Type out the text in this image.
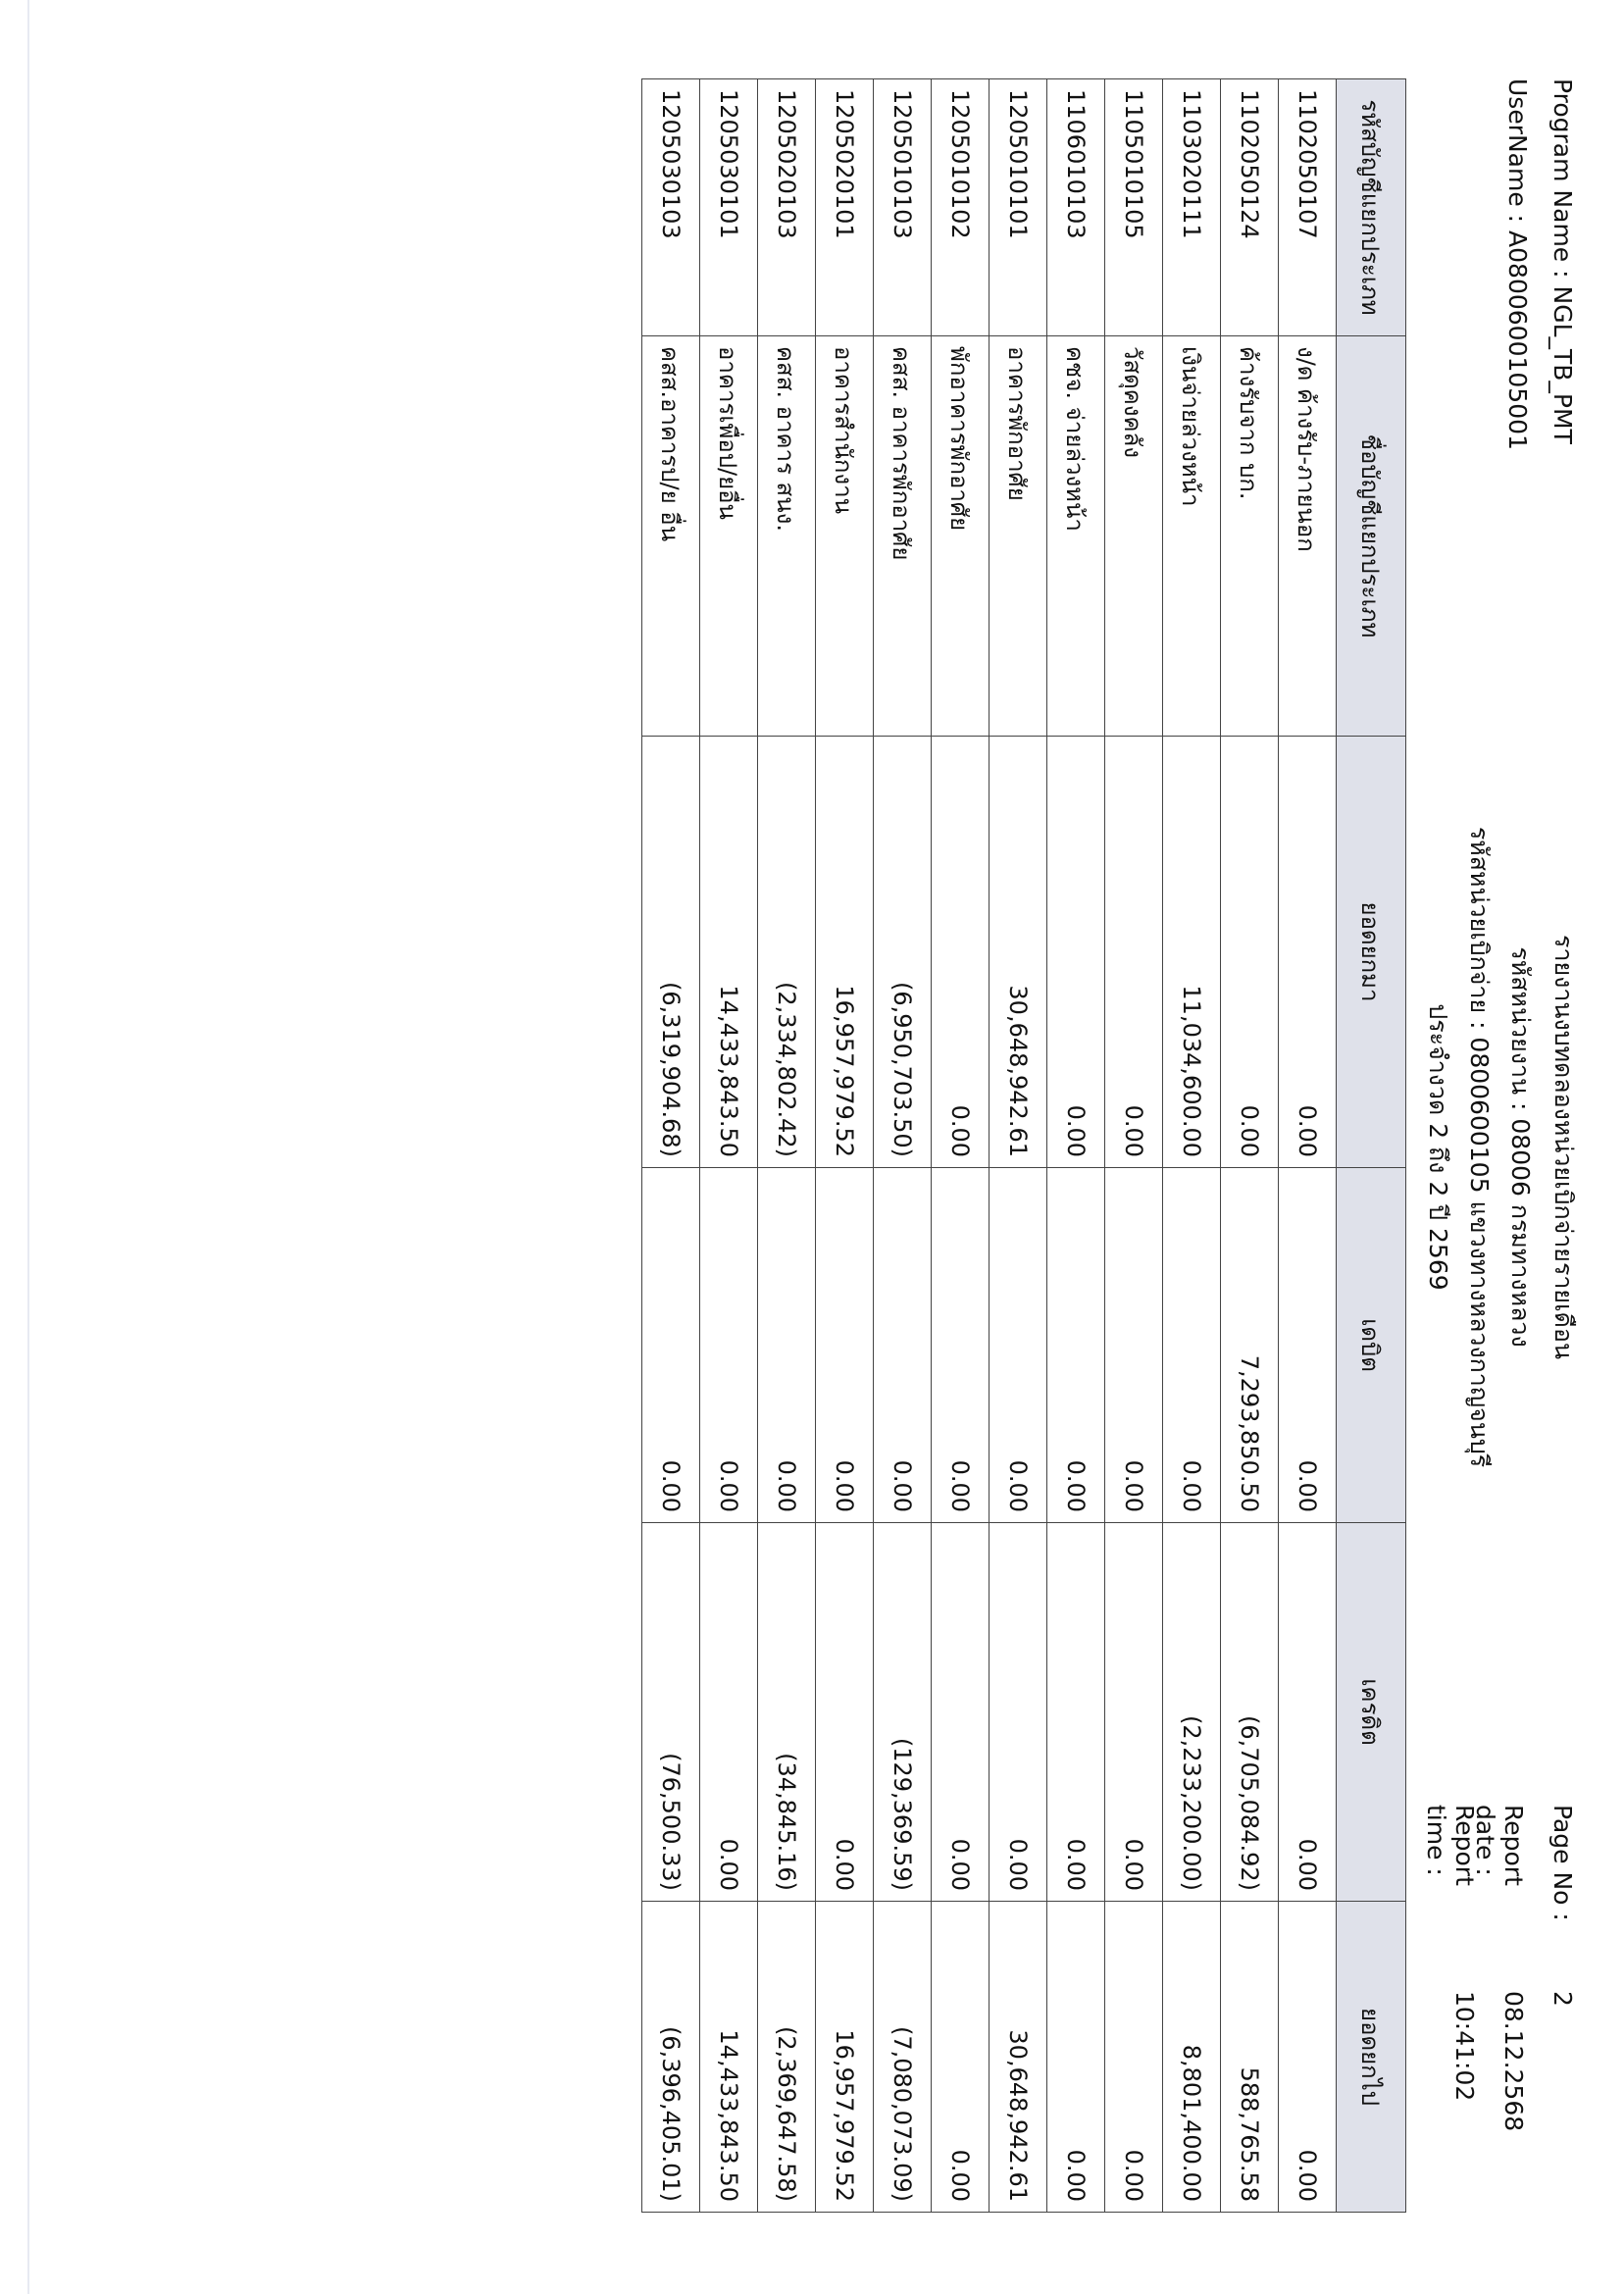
Program Name : NGL_TB_PMT
UserName : A0800600105001
รายงานงบทดลองหน่วยเบิกจ่ายรายเดือน
รหัสหน่วยงาน : 08006 กรมทางหลวง
รหัสหน่วยเบิกจ่าย : 0800600105 แขวงทางหลวงกาญจนบุรี
ประจำงวด 2 ถึง 2 ปี 2569
Page No :
2
Report date :
08.12.2568
Report time :
10:41:02
รหัสบัญชีแยกประเภท	ชื่อบัญชีแยกประเภท	ยอดยกมา	เดบิต	เครดิต	ยอดยกไป
1102050107	ง/ด ค้างรับ-ภายนอก	0.00	0.00	0.00	0.00
1102050124	ค้างรับจาก บก.	0.00	7,293,850.50	(6,705,084.92)	588,765.58
1103020111	เงินจ่ายล่วงหน้า	11,034,600.00	0.00	(2,233,200.00)	8,801,400.00
1105010105	วัสดุคงคลัง	0.00	0.00	0.00	0.00
1106010103	คชจ. จ่ายล่วงหน้า	0.00	0.00	0.00	0.00
1205010101	อาคารพักอาศัย	30,648,942.61	0.00	0.00	30,648,942.61
1205010102	พักอาคารพักอาศัย	0.00	0.00	0.00	0.00
1205010103	คสส. อาคารพักอาศัย	(6,950,703.50)	0.00	(129,369.59)	(7,080,073.09)
1205020101	อาคารสำนักงาน	16,957,979.52	0.00	0.00	16,957,979.52
1205020103	คสส. อาคาร สนง.	(2,334,802.42)	0.00	(34,845.16)	(2,369,647.58)
1205030101	อาคารเพื่อป/ยอื่น	14,433,843.50	0.00	0.00	14,433,843.50
1205030103	คสส.อาคารป/ย อื่น	(6,319,904.68)	0.00	(76,500.33)	(6,396,405.01)
